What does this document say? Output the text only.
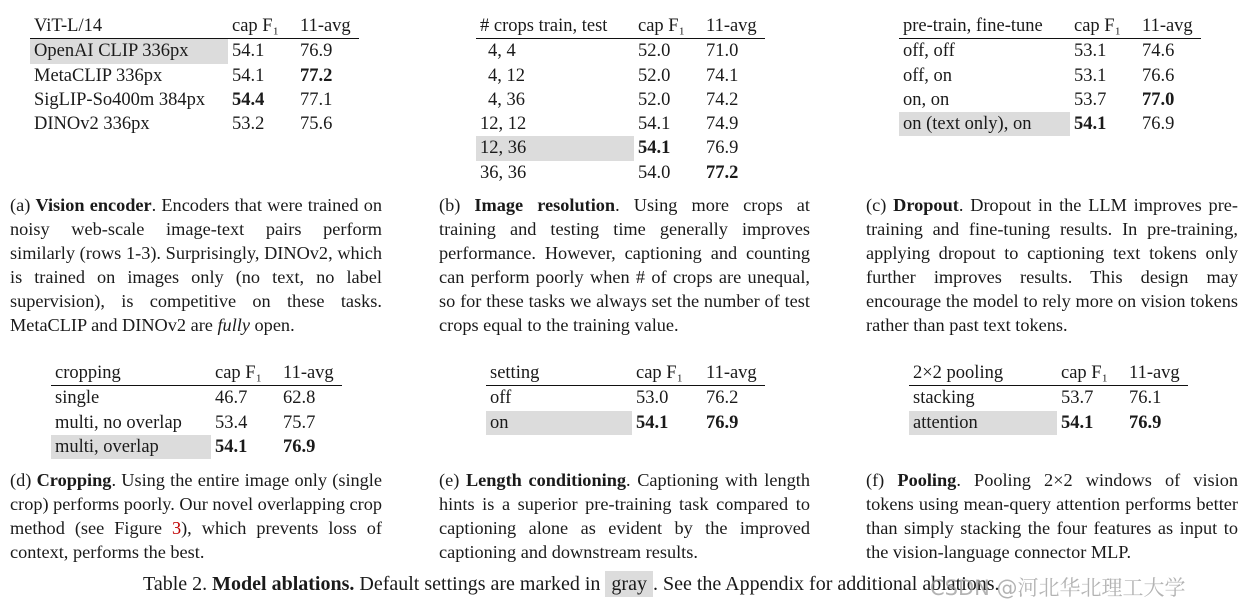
ViT-L/14	cap F₁	11-avg
OpenAI CLIP 336px	54.1	76.9
MetaCLIP 336px	54.1	77.2
SigLIP-So400m 384px	54.4	77.1
DINOv2 336px	53.2	75.6
# crops train, test	cap F₁	11-avg
4, 4	52.0	71.0
4, 12	52.0	74.1
4, 36	52.0	74.2
12, 12	54.1	74.9
12, 36	54.1	76.9
36, 36	54.0	77.2
pre-train, fine-tune	cap F₁	11-avg
off, off	53.1	74.6
off, on	53.1	76.6
on, on	53.7	77.0
on (text only), on	54.1	76.9

(a) Vision encoder. Encoders that were trained on noisy web-scale image-text pairs perform similarly (rows 1-3). Surprisingly, DINOv2, which is trained on images only (no text, no label supervision), is competitive on these tasks. MetaCLIP and DINOv2 are fully open.

(b) Image resolution. Using more crops at training and testing time generally improves performance. However, captioning and counting can perform poorly when # of crops are unequal, so for these tasks we always set the number of test crops equal to the training value.

(c) Dropout. Dropout in the LLM improves pre-training and fine-tuning results. In pre-training, applying dropout to captioning text tokens only further improves results. This design may encourage the model to rely more on vision tokens rather than past text tokens.

cropping	cap F₁	11-avg
single	46.7	62.8
multi, no overlap	53.4	75.7
multi, overlap	54.1	76.9
setting	cap F₁	11-avg
off	53.0	76.2
on	54.1	76.9
2×2 pooling	cap F₁	11-avg
stacking	53.7	76.1
attention	54.1	76.9

(d) Cropping. Using the entire image only (single crop) performs poorly. Our novel overlapping crop method (see Figure 3), which prevents loss of context, performs the best.

(e) Length conditioning. Captioning with length hints is a superior pre-training task compared to captioning alone as evident by the improved captioning and downstream results.

(f) Pooling. Pooling 2×2 windows of vision tokens using mean-query attention performs better than simply stacking the four features as input to the vision-language connector MLP.

Table 2. Model ablations. Default settings are marked in gray . See the Appendix for additional ablations.
CSDN @河北华北理工大学
